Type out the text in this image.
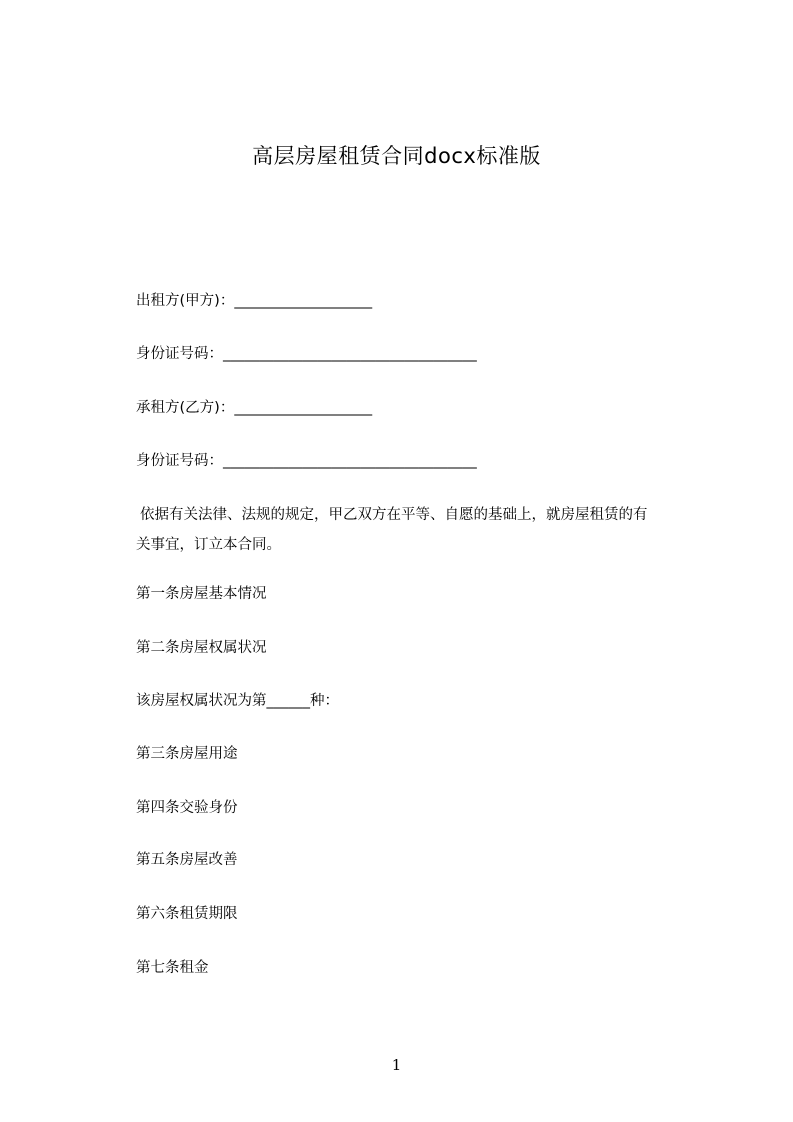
高层房屋租赁合同docx标准版
出租方(甲方)：___________________
身份证号码：___________________________________
承租方(乙方)：___________________
身份证号码：___________________________________
依据有关法律、法规的规定，甲乙双方在平等、自愿的基础上，就房屋租赁的有
关事宜，订立本合同。
第一条房屋基本情况
第二条房屋权属状况
该房屋权属状况为第______种：
第三条房屋用途
第四条交验身份
第五条房屋改善
第六条租赁期限
第七条租金
1
